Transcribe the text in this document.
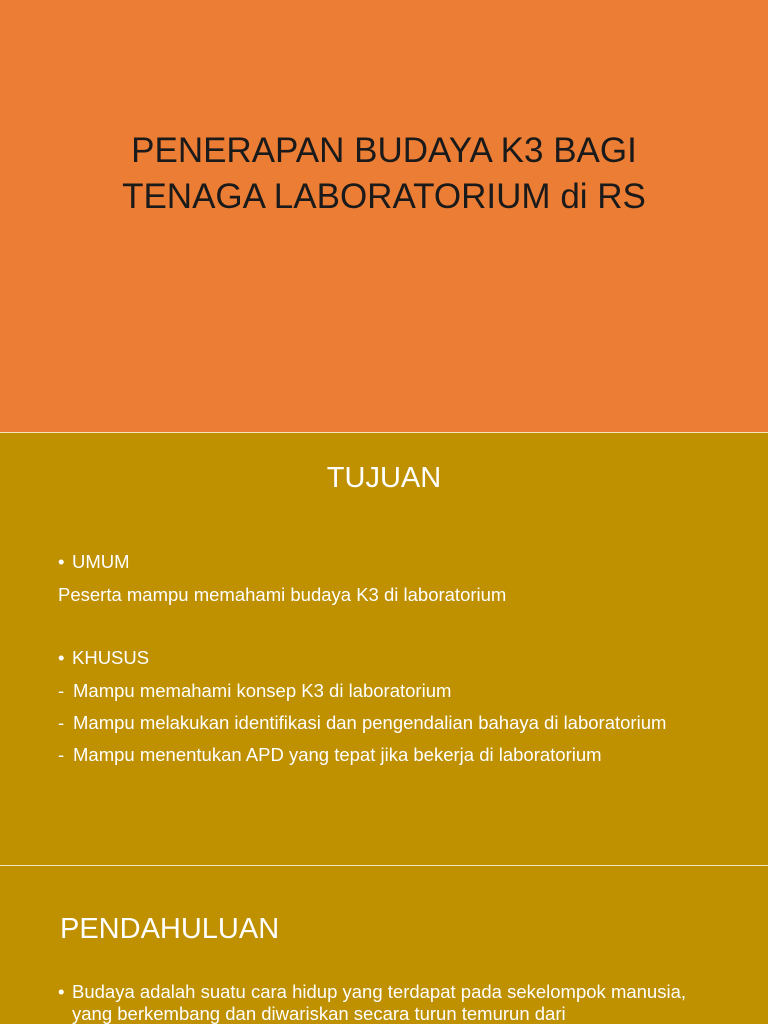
PENERAPAN BUDAYA K3 BAGI
TENAGA LABORATORIUM di RS
TUJUAN
• UMUM
Peserta mampu memahami budaya K3 di laboratorium
• KHUSUS
- Mampu memahami konsep K3 di laboratorium
- Mampu melakukan identifikasi dan pengendalian bahaya di laboratorium
- Mampu menentukan APD yang tepat jika bekerja di laboratorium
PENDAHULUAN
• Budaya adalah suatu cara hidup yang terdapat pada sekelompok manusia, yang berkembang dan diwariskan secara turun temurun dari
